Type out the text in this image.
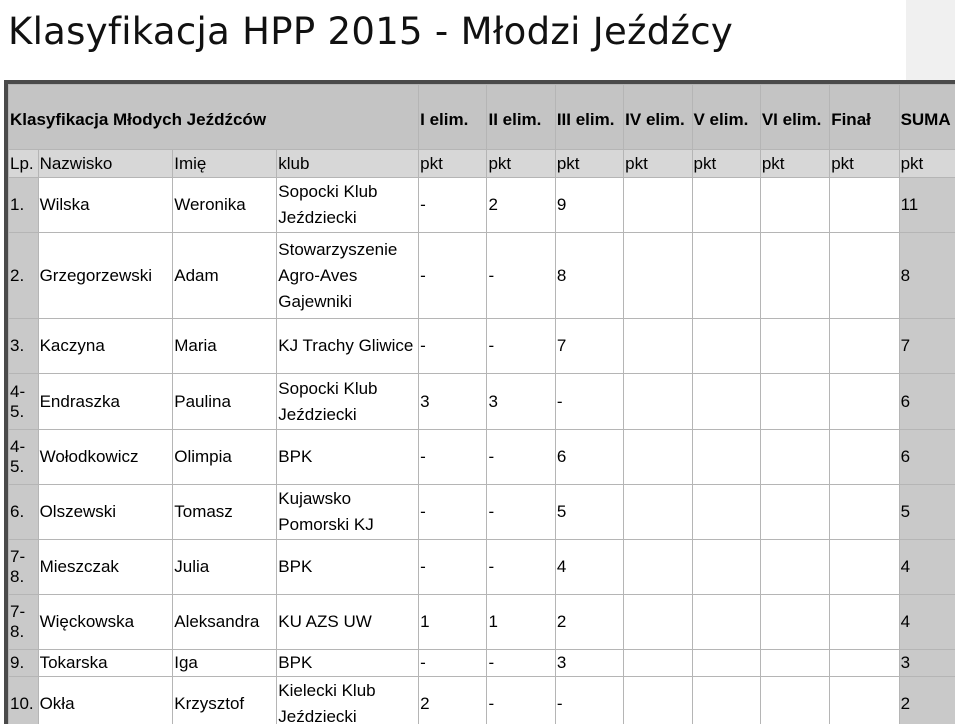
Klasyfikacja HPP 2015 - Młodzi Jeźdźcy
Klasyfikacja Młodych Jeźdźców				I elim.	II elim.	III elim.	IV elim.	V elim.	VI elim.	Finał	SUMA
Lp.	Nazwisko	Imię	klub	pkt	pkt	pkt	pkt	pkt	pkt	pkt	pkt
1.	Wilska	Weronika	Sopocki Klub Jeździecki	-	2	9					11
2.	Grzegorzewski	Adam	Stowarzyszenie Agro-Aves Gajewniki	-	-	8					8
3.	Kaczyna	Maria	KJ Trachy Gliwice	-	-	7					7
4-5.	Endraszka	Paulina	Sopocki Klub Jeździecki	3	3	-					6
4-5.	Wołodkowicz	Olimpia	BPK	-	-	6					6
6.	Olszewski	Tomasz	Kujawsko Pomorski KJ	-	-	5					5
7-8.	Mieszczak	Julia	BPK	-	-	4					4
7-8.	Więckowska	Aleksandra	KU AZS UW	1	1	2					4
9.	Tokarska	Iga	BPK	-	-	3					3
10.	Okła	Krzysztof	Kielecki Klub Jeździecki	2	-	-					2
